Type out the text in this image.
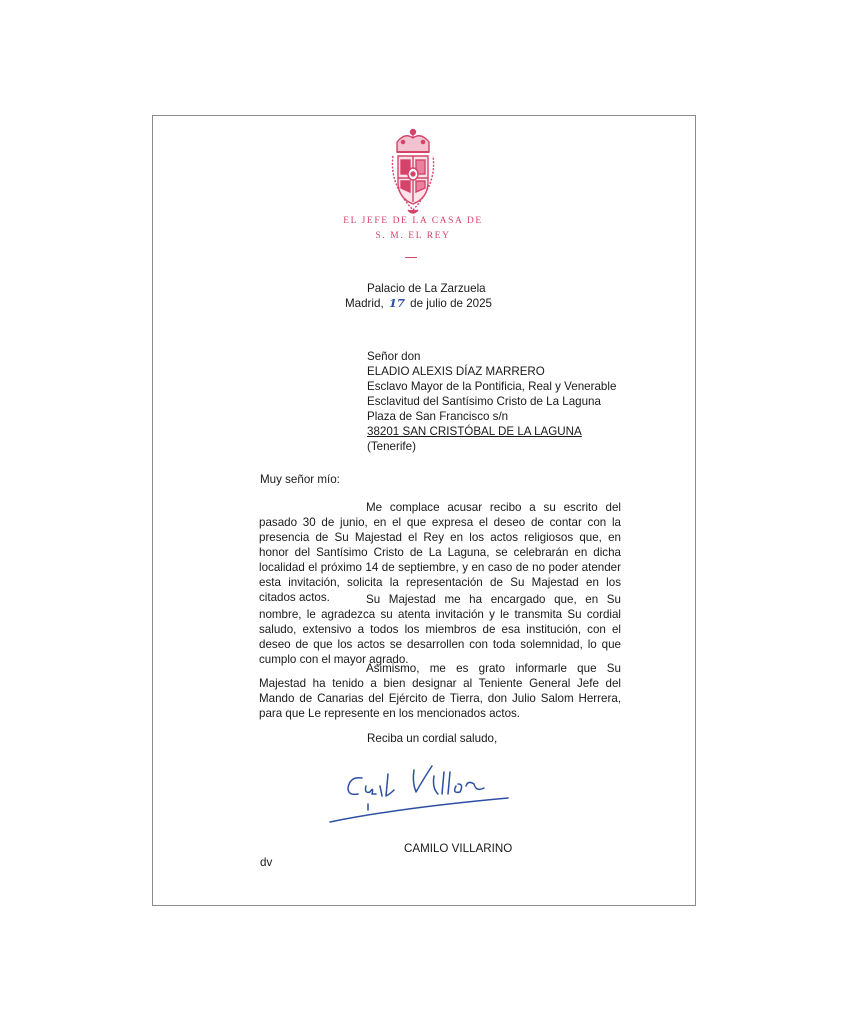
EL JEFE DE LA CASA DE
S. M. EL REY
Palacio de La Zarzuela
Madrid, 17 de julio de 2025
Señor don
ELADIO ALEXIS DÍAZ MARRERO
Esclavo Mayor de la Pontificia, Real y Venerable
Esclavitud del Santísimo Cristo de La Laguna
Plaza de San Francisco s/n
38201 SAN CRISTÓBAL DE LA LAGUNA
(Tenerife)
Muy señor mío:
Me complace acusar recibo a su escrito del pasado 30 de junio, en el que expresa el deseo de contar con la presencia de Su Majestad el Rey en los actos religiosos que, en honor del Santísimo Cristo de La Laguna, se celebrarán en dicha localidad el próximo 14 de septiembre, y en caso de no poder atender esta invitación, solicita la representación de Su Majestad en los citados actos.	Su Majestad me ha encargado que, en Su nombre, le agradezca su atenta invitación y le transmita Su cordial saludo, extensivo a todos los miembros de esa institución, con el deseo de que los actos se desarrollen con toda solemnidad, lo que cumplo con el mayor agrado.
Asimismo, me es grato informarle que Su Majestad ha tenido a bien designar al Teniente General Jefe del Mando de Canarias del Ejército de Tierra, don Julio Salom Herrera, para que Le represente en los mencionados actos.
Reciba un cordial saludo,
CAMILO VILLARINO
dv
